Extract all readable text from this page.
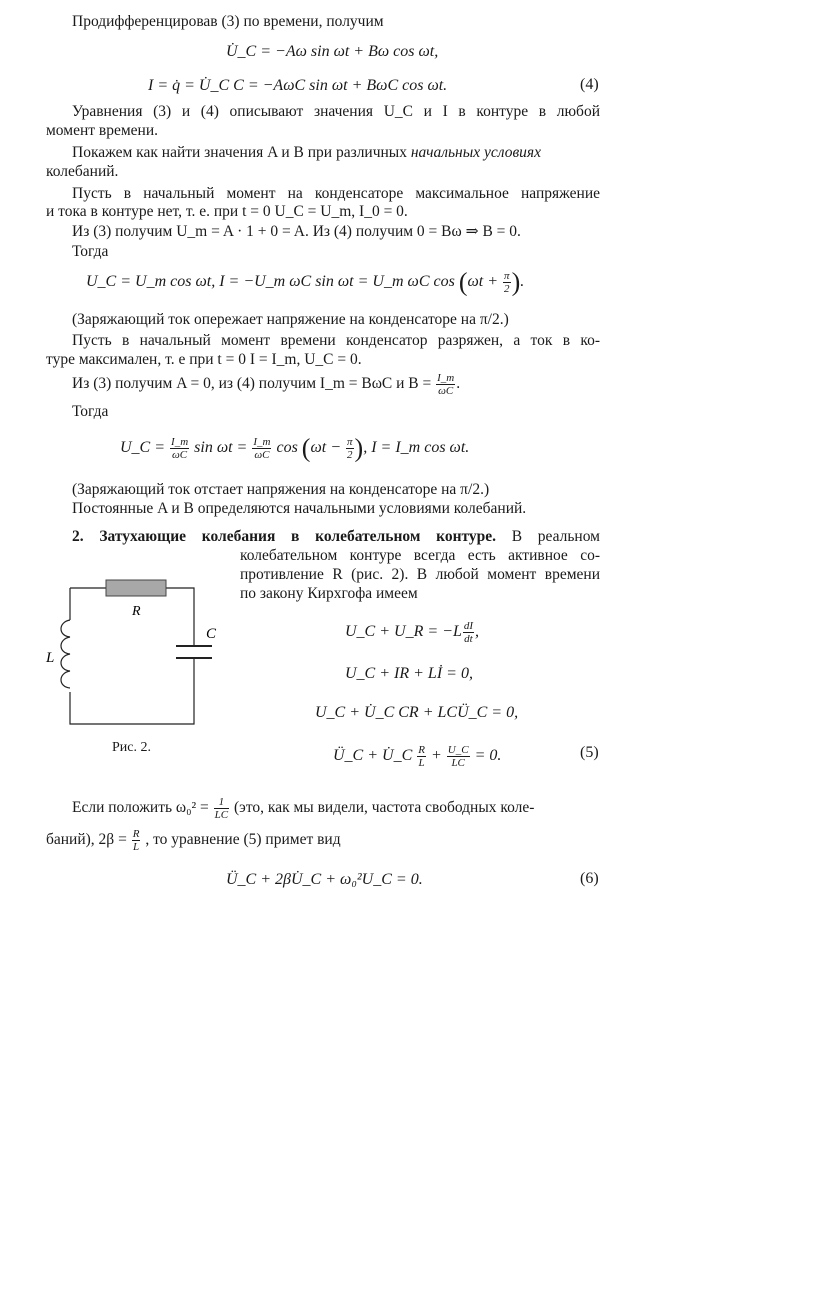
Продифференцировав (3) по времени, получим
U̇_C = −Aω sin ωt + Bω cos ωt,
I = q̇ = U̇_C C = −AωC sin ωt + BωC cos ωt.	(4)
Уравнения (3) и (4) описывают значения U_C и I в контуре в любой
момент времени.
Покажем как найти значения A и B при различных начальных условиях
колебаний.
Пусть в начальный момент на конденсаторе максимальное напряжение
и тока в контуре нет, т. е. при t = 0 U_C = U_m, I_0 = 0.
Из (3) получим U_m = A · 1 + 0 = A. Из (4) получим 0 = Bω ⇒ B = 0.
Тогда
U_C = U_m cos ωt, I = −U_m ωC sin ωt = U_m ωC $\cos (\omega t + \frac{\pi}{2}$ ).
(Заряжающий ток опережает напряжение на конденсаторе на π/2.)
Пусть в начальный момент времени конденсатор разряжен, а ток в ко-
туре максимален, т. е при t = 0 I = I_m, U_C = 0.
Из (3) получим A = 0, из (4) получим I_m = BωC и $B = \frac{I\_m}{\omega C}$ .
Тогда
U_C = $\frac{I\_m}{\omega C}$ $\sin \omega t = \frac{I\_m}{\omega C}$ $\cos (\omega t - \frac{\pi}{2}$ ), I = I_m cos ωt.
(Заряжающий ток отстает напряжения на конденсаторе на π/2.)
Постоянные A и B определяются начальными условиями колебаний.
2. Затухающие колебания в колебательном контуре. В реальном
колебательном контуре всегда есть активное со-
противление R (рис. 2). В любой момент времени
по закону Кирхгофа имеем
R
C
L
Рис. 2.
U_C + U_R = $-L \frac{dI}{dt}$ ,
U_C + IR + Lİ = 0,
U_C + U̇_C CR + LCÜ_C = 0,
Ü_C + U̇_C $\frac{R}{L} + \frac{U\_C}{LC} = 0$.	(5)
Если положить $\omega_0^2 = \frac{1}{LC} (это$, как мы видели, частота свободных коле-
баний), $2\beta = \frac{R}{L}$ , то уравнение (5) примет вид
Ü_C + 2βU̇_C + ω₀²U_C = 0.	(6)
